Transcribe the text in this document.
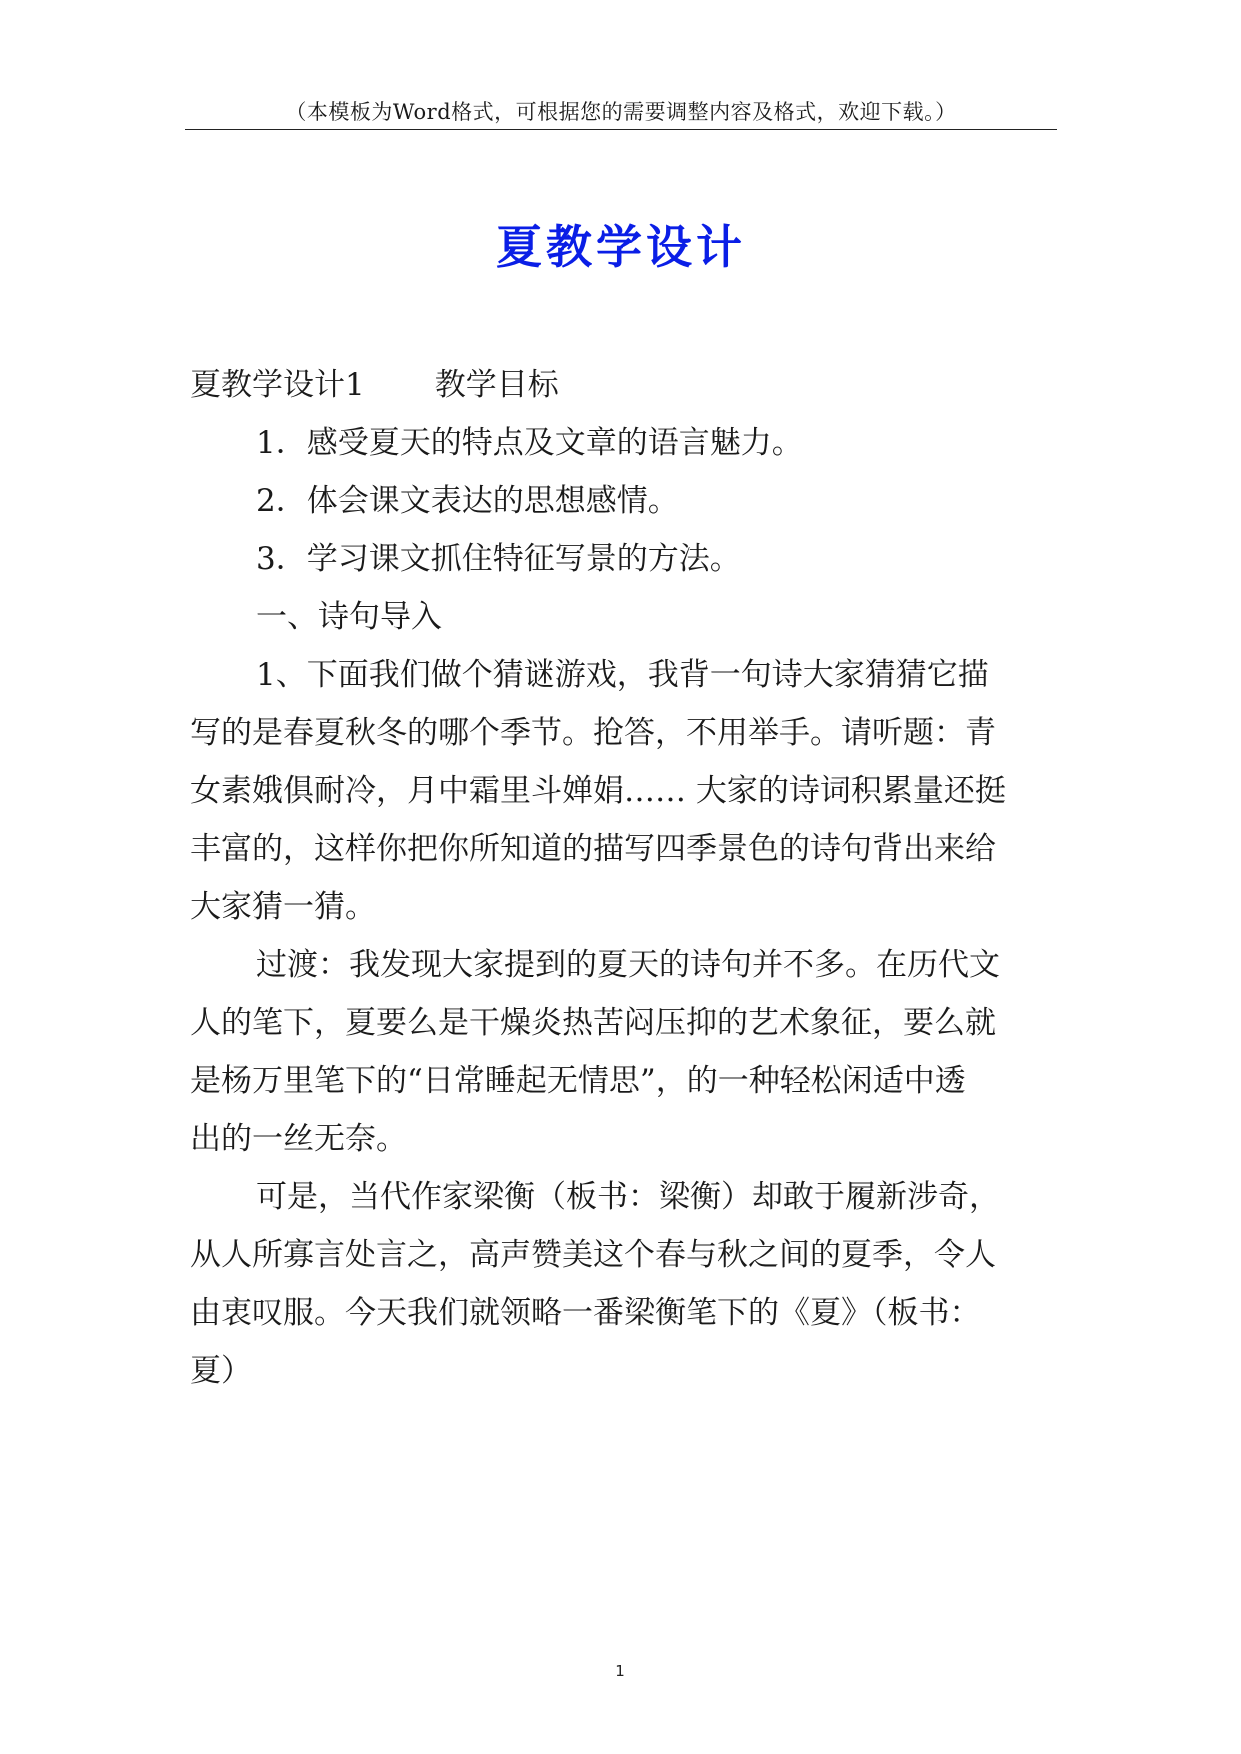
（本模板为Word格式，可根据您的需要调整内容及格式，欢迎下载。）
夏教学设计
夏教学设计1 教学目标
1．感受夏天的特点及文章的语言魅力。
2．体会课文表达的思想感情。
3．学习课文抓住特征写景的方法。
一、诗句导入
1、下面我们做个猜谜游戏，我背一句诗大家猜猜它描
写的是春夏秋冬的哪个季节。抢答，不用举手。请听题：青
女素娥俱耐冷，月中霜里斗婵娟…… 大家的诗词积累量还挺
丰富的，这样你把你所知道的描写四季景色的诗句背出来给
大家猜一猜。
过渡：我发现大家提到的夏天的诗句并不多。在历代文
人的笔下，夏要么是干燥炎热苦闷压抑的艺术象征，要么就
是杨万里笔下的“日常睡起无情思”，的一种轻松闲适中透
出的一丝无奈。
可是，当代作家梁衡（板书：梁衡）却敢于履新涉奇，
从人所寡言处言之，高声赞美这个春与秋之间的夏季，令人
由衷叹服。今天我们就领略一番梁衡笔下的《夏》（板书：
夏）
1
